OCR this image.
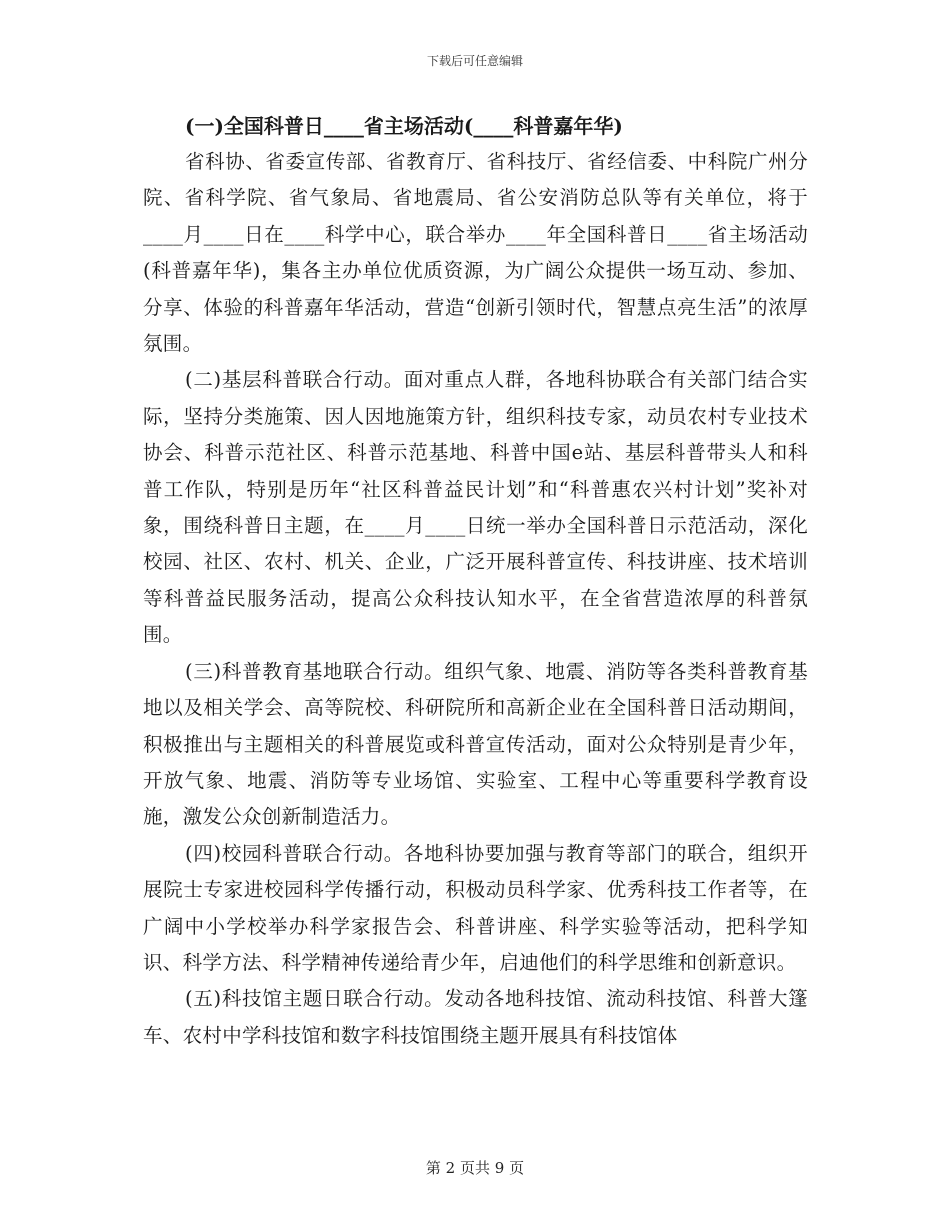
下载后可任意编辑

(一)全国科普日____省主场活动(____科普嘉年华)

省科协、省委宣传部、省教育厅、省科技厅、省经信委、中科院广州分院、省科学院、省气象局、省地震局、省公安消防总队等有关单位，将于____月____日在____科学中心，联合举办____年全国科普日____省主场活动(科普嘉年华)，集各主办单位优质资源，为广阔公众提供一场互动、参加、分享、体验的科普嘉年华活动，营造“创新引领时代，智慧点亮生活”的浓厚氛围。

(二)基层科普联合行动。面对重点人群，各地科协联合有关部门结合实际，坚持分类施策、因人因地施策方针，组织科技专家，动员农村专业技术协会、科普示范社区、科普示范基地、科普中国e站、基层科普带头人和科普工作队，特别是历年“社区科普益民计划”和“科普惠农兴村计划”奖补对象，围绕科普日主题，在____月____日统一举办全国科普日示范活动，深化校园、社区、农村、机关、企业，广泛开展科普宣传、科技讲座、技术培训等科普益民服务活动，提高公众科技认知水平，在全省营造浓厚的科普氛围。

(三)科普教育基地联合行动。组织气象、地震、消防等各类科普教育基地以及相关学会、高等院校、科研院所和高新企业在全国科普日活动期间，积极推出与主题相关的科普展览或科普宣传活动，面对公众特别是青少年，开放气象、地震、消防等专业场馆、实验室、工程中心等重要科学教育设施，激发公众创新制造活力。

(四)校园科普联合行动。各地科协要加强与教育等部门的联合，组织开展院士专家进校园科学传播行动，积极动员科学家、优秀科技工作者等，在广阔中小学校举办科学家报告会、科普讲座、科学实验等活动，把科学知识、科学方法、科学精神传递给青少年，启迪他们的科学思维和创新意识。

(五)科技馆主题日联合行动。发动各地科技馆、流动科技馆、科普大篷车、农村中学科技馆和数字科技馆围绕主题开展具有科技馆体

第 2 页共 9 页
